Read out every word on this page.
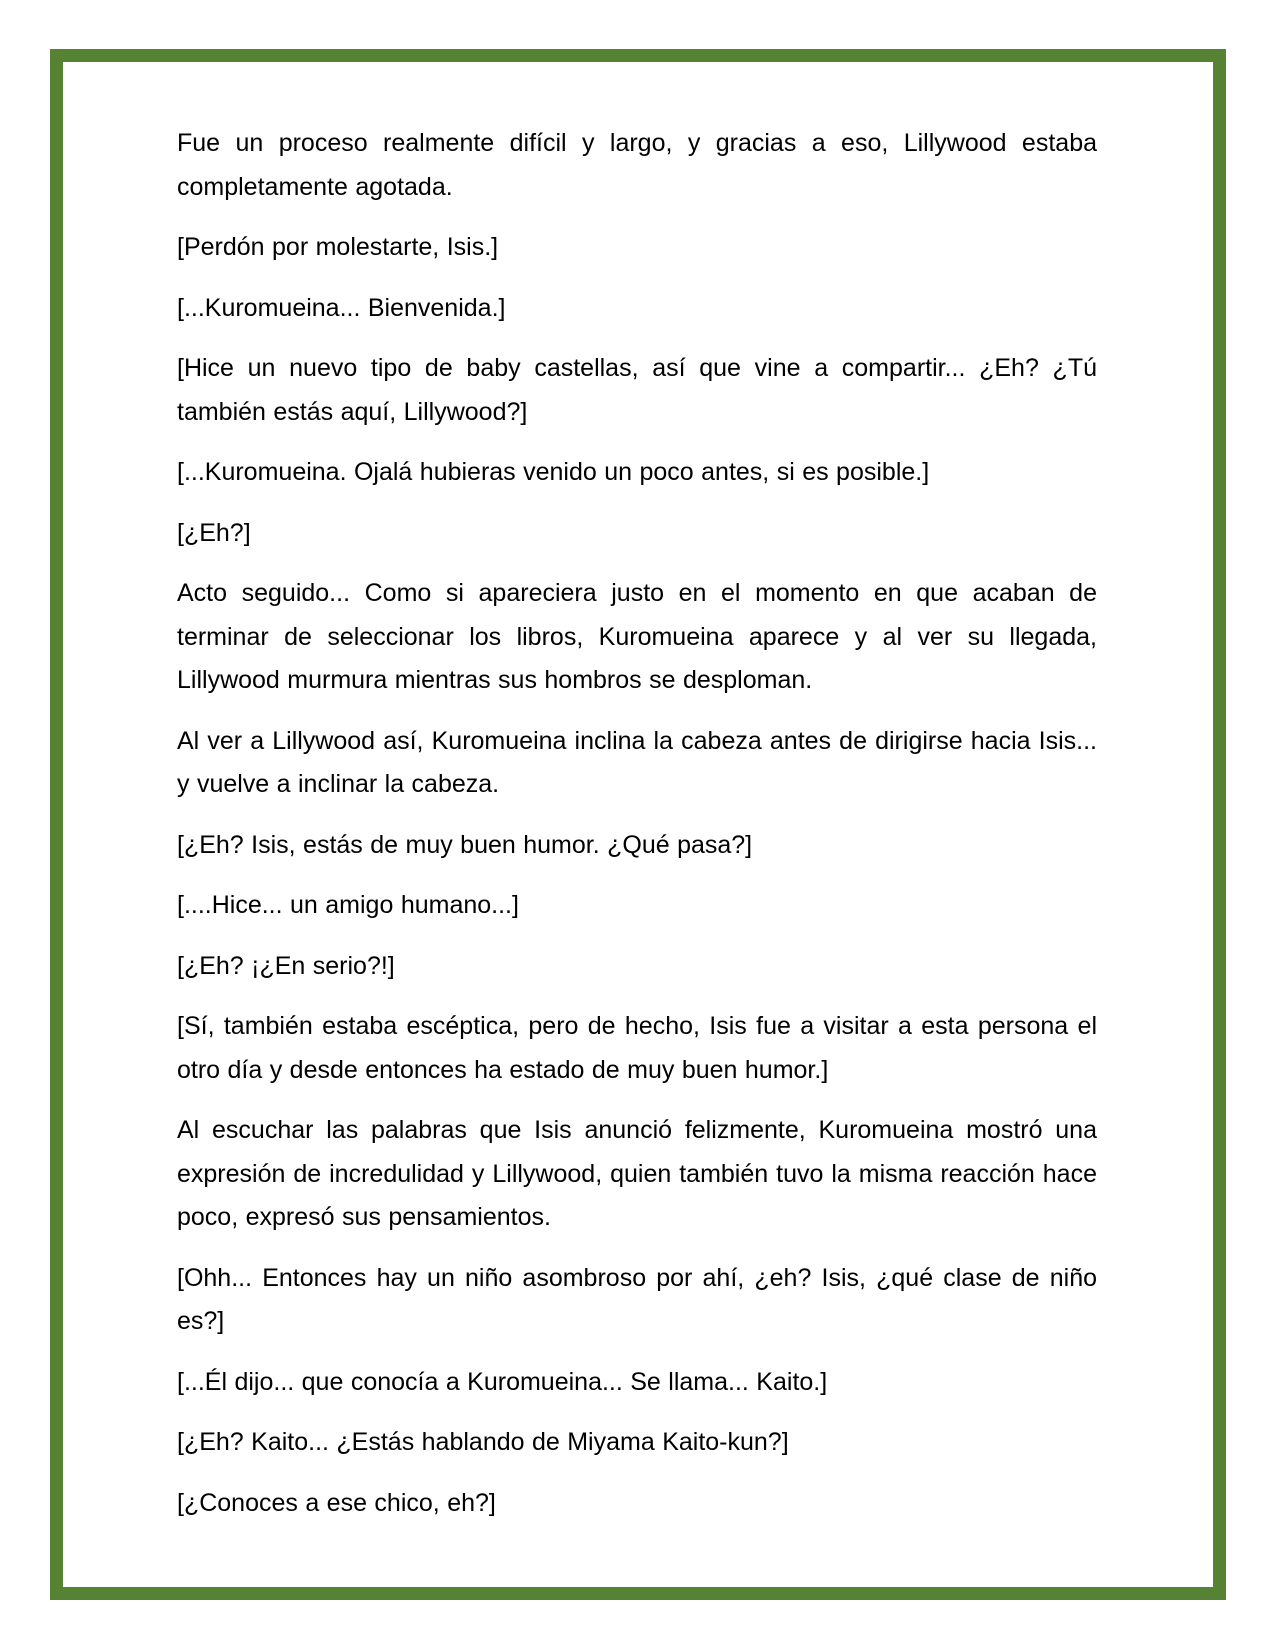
Fue un proceso realmente difícil y largo, y gracias a eso, Lillywood estaba completamente agotada.

[Perdón por molestarte, Isis.]

[...Kuromueina... Bienvenida.]

[Hice un nuevo tipo de baby castellas, así que vine a compartir... ¿Eh? ¿Tú también estás aquí, Lillywood?]

[...Kuromueina. Ojalá hubieras venido un poco antes, si es posible.]

[¿Eh?]

Acto seguido... Como si apareciera justo en el momento en que acaban de terminar de seleccionar los libros, Kuromueina aparece y al ver su llegada, Lillywood murmura mientras sus hombros se desploman.

Al ver a Lillywood así, Kuromueina inclina la cabeza antes de dirigirse hacia Isis... y vuelve a inclinar la cabeza.

[¿Eh? Isis, estás de muy buen humor. ¿Qué pasa?]

[....Hice... un amigo humano...]

[¿Eh? ¡¿En serio?!]

[Sí, también estaba escéptica, pero de hecho, Isis fue a visitar a esta persona el otro día y desde entonces ha estado de muy buen humor.]

Al escuchar las palabras que Isis anunció felizmente, Kuromueina mostró una expresión de incredulidad y Lillywood, quien también tuvo la misma reacción hace poco, expresó sus pensamientos.

[Ohh... Entonces hay un niño asombroso por ahí, ¿eh? Isis, ¿qué clase de niño es?]

[...Él dijo... que conocía a Kuromueina... Se llama... Kaito.]

[¿Eh? Kaito... ¿Estás hablando de Miyama Kaito-kun?]

[¿Conoces a ese chico, eh?]
